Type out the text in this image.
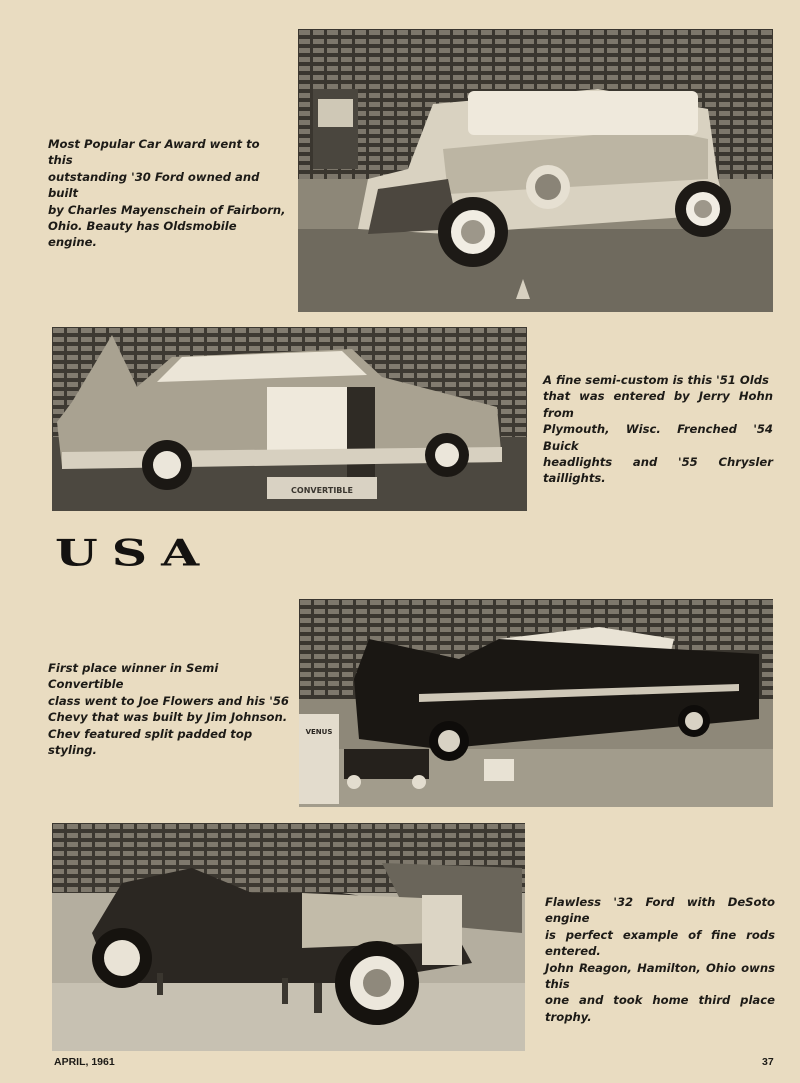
Most Popular Car Award went to this
outstanding '30 Ford owned and built
by Charles Mayenschein of Fairborn,
Ohio. Beauty has Oldsmobile engine.
CONVERTIBLE
A fine semi-custom is this '51 Olds
that was entered by Jerry Hohn from
Plymouth, Wisc. Frenched '54 Buick
headlights and '55 Chrysler taillights.
USA
VENUS
First place winner in Semi Convertible
class went to Joe Flowers and his '56
Chevy that was built by Jim Johnson.
Chev featured split padded top styling.
Flawless '32 Ford with DeSoto engine
is perfect example of fine rods entered.
John Reagon, Hamilton, Ohio owns this
one and took home third place trophy.
APRIL, 1961	37
